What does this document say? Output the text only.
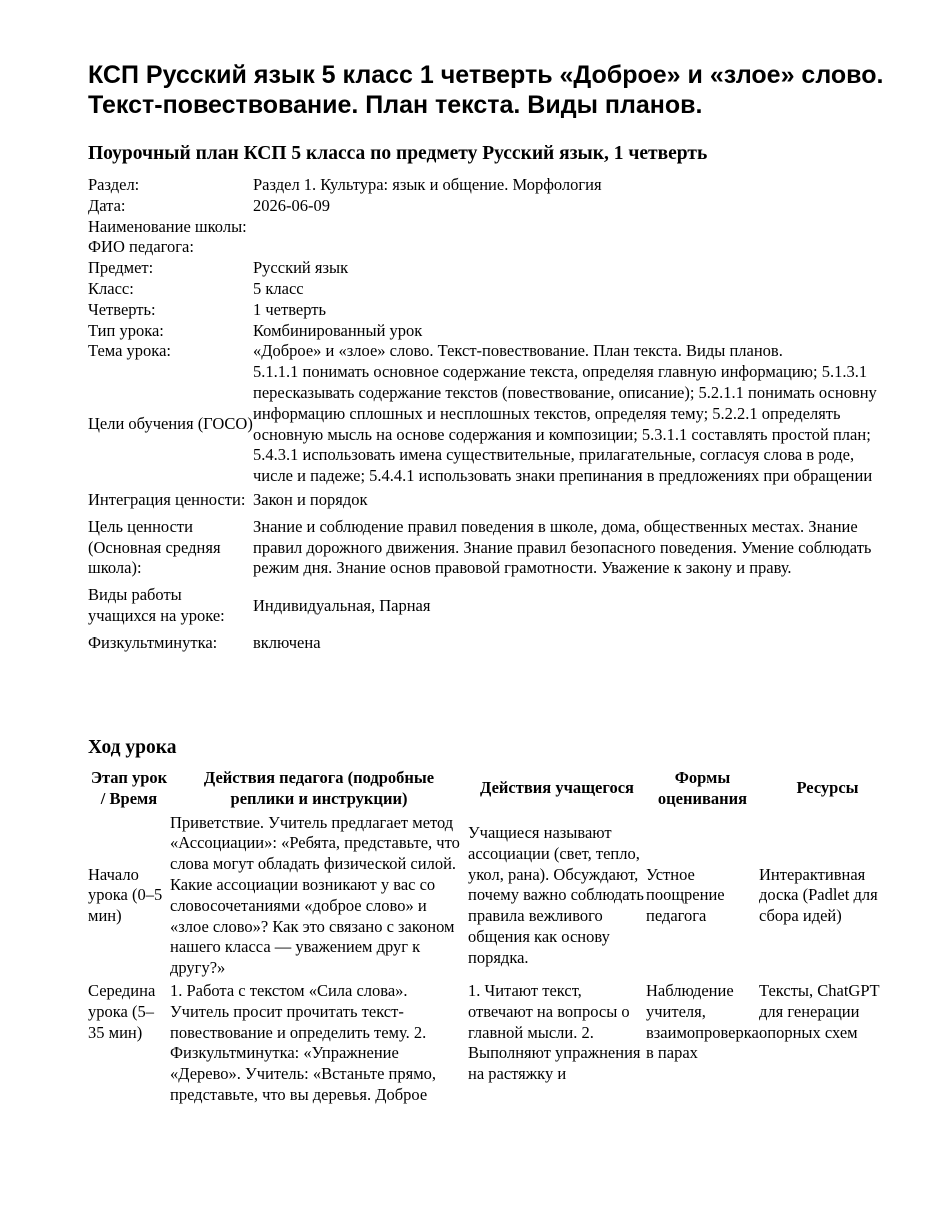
КСП Русский язык 5 класс 1 четверть «Доброе» и «злое» слово. Текст-повествование. План текста. Виды планов.
Поурочный план КСП 5 класса по предмету Русский язык, 1 четверть
Раздел:	Раздел 1. Культура: язык и общение. Морфология
Дата:	2026-06-09
Наименование школы:	
ФИО педагога:	
Предмет:	Русский язык
Класс:	5 класс
Четверть:	1 четверть
Тип урока:	Комбинированный урок
Тема урока:	«Доброе» и «злое» слово. Текст-повествование. План текста. Виды планов.
Цели обучения (ГОСО)	5.1.1.1 понимать основное содержание текста, определяя главную информацию; 5.1.3.1 пересказывать содержание текстов (повествование, описание); 5.2.1.1 понимать основну информацию сплошных и несплошных текстов, определяя тему; 5.2.2.1 определять основную мысль на основе содержания и композиции; 5.3.1.1 составлять простой план; 5.4.3.1 использовать имена существительные, прилагательные, согласуя слова в роде, числе и падеже; 5.4.4.1 использовать знаки препинания в предложениях при обращении
Интеграция ценности:	Закон и порядок
Цель ценности (Основная средняя школа):	Знание и соблюдение правил поведения в школе, дома, общественных местах. Знание правил дорожного движения. Знание правил безопасного поведения. Умение соблюдать режим дня. Знание основ правовой грамотности. Уважение к закону и праву.
Виды работы учащихся на уроке:	Индивидуальная, Парная
Физкультминутка:	включена
Ход урока
Этап урок / Время	Действия педагога (подробные реплики и инструкции)	Действия учащегося	Формы оценивания	Ресурсы
Начало урока (0–5 мин)	Приветствие. Учитель предлагает метод «Ассоциации»: «Ребята, представьте, что слова могут обладать физической силой. Какие ассоциации возникают у вас со словосочетаниями «доброе слово» и «злое слово»? Как это связано с законом нашего класса — уважением друг к другу?»	Учащиеся называют ассоциации (свет, тепло, укол, рана). Обсуждают, почему важно соблюдать правила вежливого общения как основу порядка.	Устное поощрение педагога	Интерактивная доска (Padlet для сбора идей)
Середина урока (5–35 мин)	1. Работа с текстом «Сила слова». Учитель просит прочитать текст-повествование и определить тему. 2. Физкультминутка: «Упражнение «Дерево». Учитель: «Встаньте прямо, представьте, что вы деревья. Доброе	1. Читают текст, отвечают на вопросы о главной мысли. 2. Выполняют упражнения на растяжку и	Наблюдение учителя, взаимопроверка в парах	Тексты, ChatGPT для генерации опорных схем
